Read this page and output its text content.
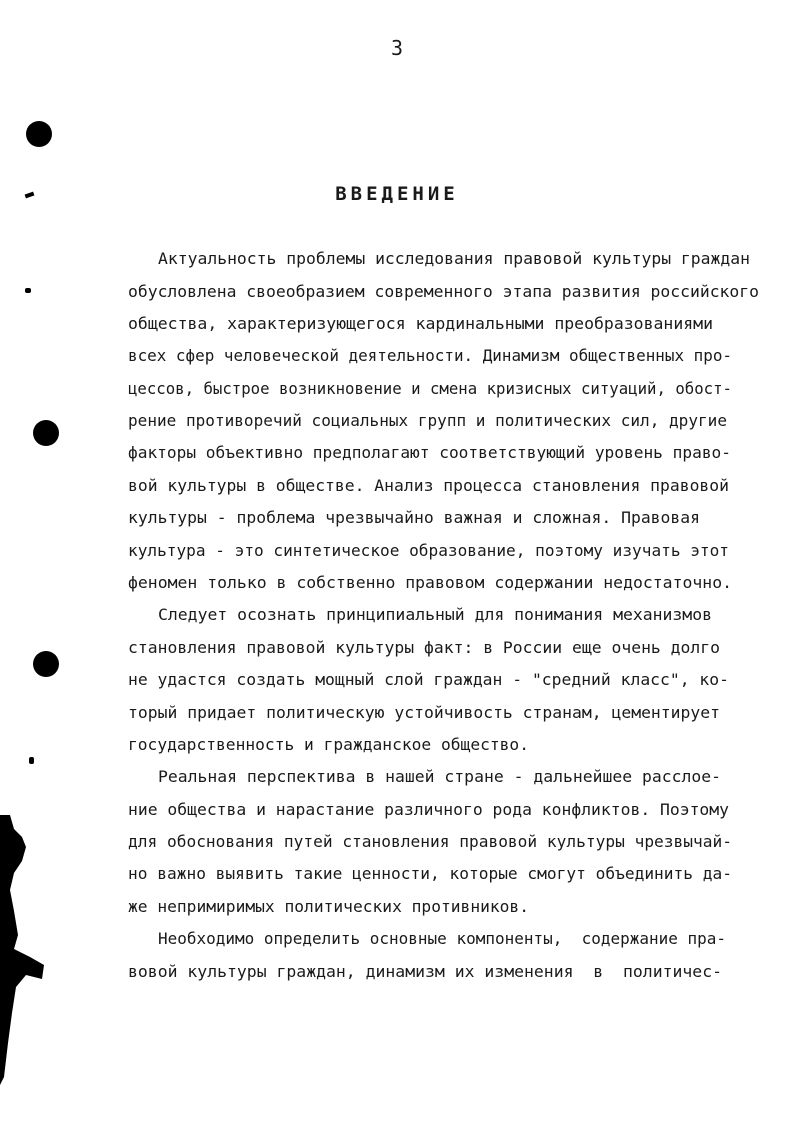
3
ВВЕДЕНИЕ
Актуальность проблемы исследования правовой культуры граждан
обусловлена своеобразием современного этапа развития российского
общества, характеризующегося кардинальными преобразованиями
всех сфер человеческой деятельности. Динамизм общественных про-
цессов, быстрое возникновение и смена кризисных ситуаций, обост-
рение противоречий социальных групп и политических сил, другие
факторы объективно предполагают соответствующий уровень право-
вой культуры в обществе. Анализ процесса становления правовой
культуры - проблема чрезвычайно важная и сложная. Правовая
культура - это синтетическое образование, поэтому изучать этот
феномен только в собственно правовом содержании недостаточно.
Следует осознать принципиальный для понимания механизмов
становления правовой культуры факт: в России еще очень долго
не удастся создать мощный слой граждан - "средний класс", ко-
торый придает политическую устойчивость странам, цементирует
государственность и гражданское общество.
Реальная перспектива в нашей стране - дальнейшее расслое-
ние общества и нарастание различного рода конфликтов. Поэтому
для обоснования путей становления правовой культуры чрезвычай-
но важно выявить такие ценности, которые смогут объединить да-
же непримиримых политических противников.
Необходимо определить основные компоненты,  содержание пра-
вовой культуры граждан, динамизм их изменения  в  политичес-
